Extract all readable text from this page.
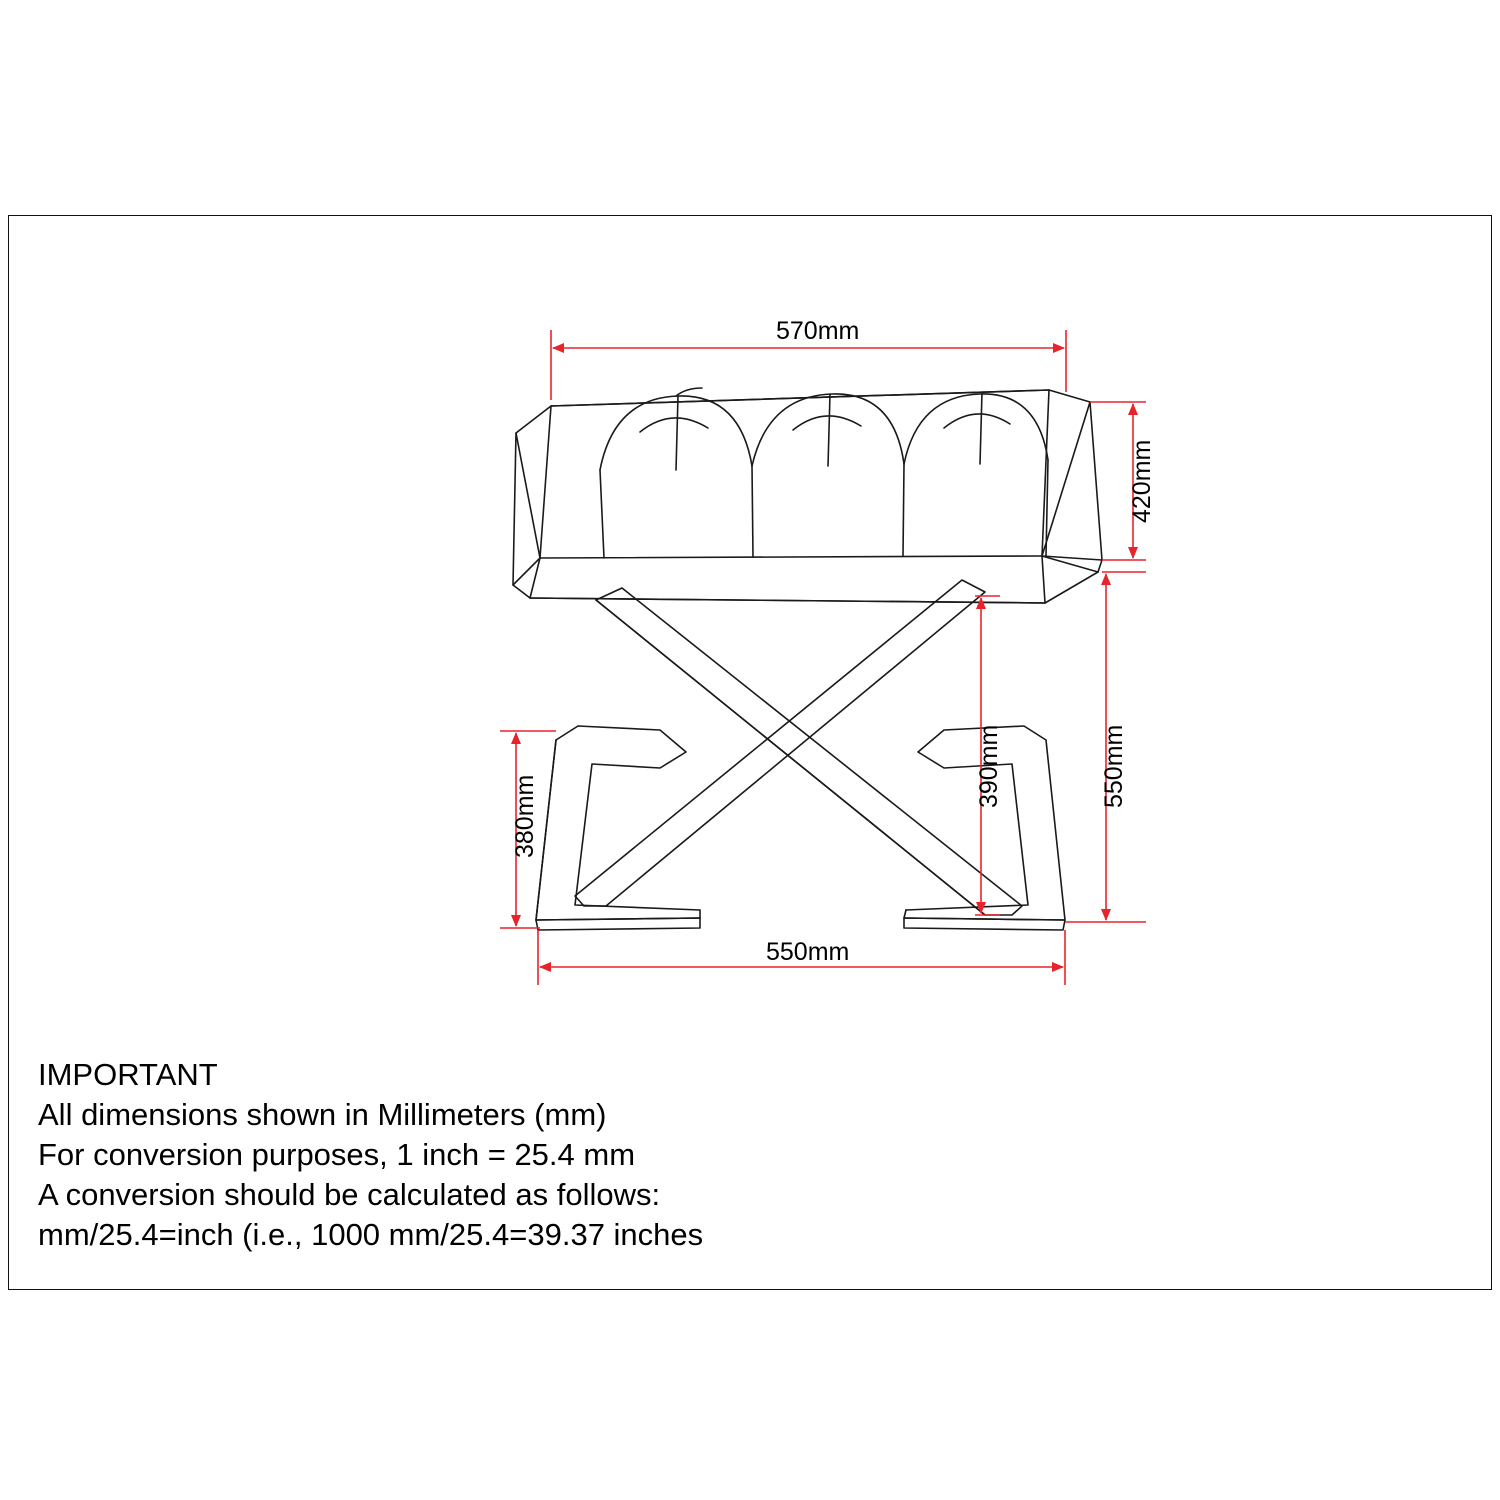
570mm
420mm
550mm
390mm
380mm
550mm
IMPORTANT
All dimensions shown in Millimeters (mm)
For conversion purposes, 1 inch = 25.4 mm
A conversion should be calculated as follows:
mm/25.4=inch (i.e., 1000 mm/25.4=39.37 inches
